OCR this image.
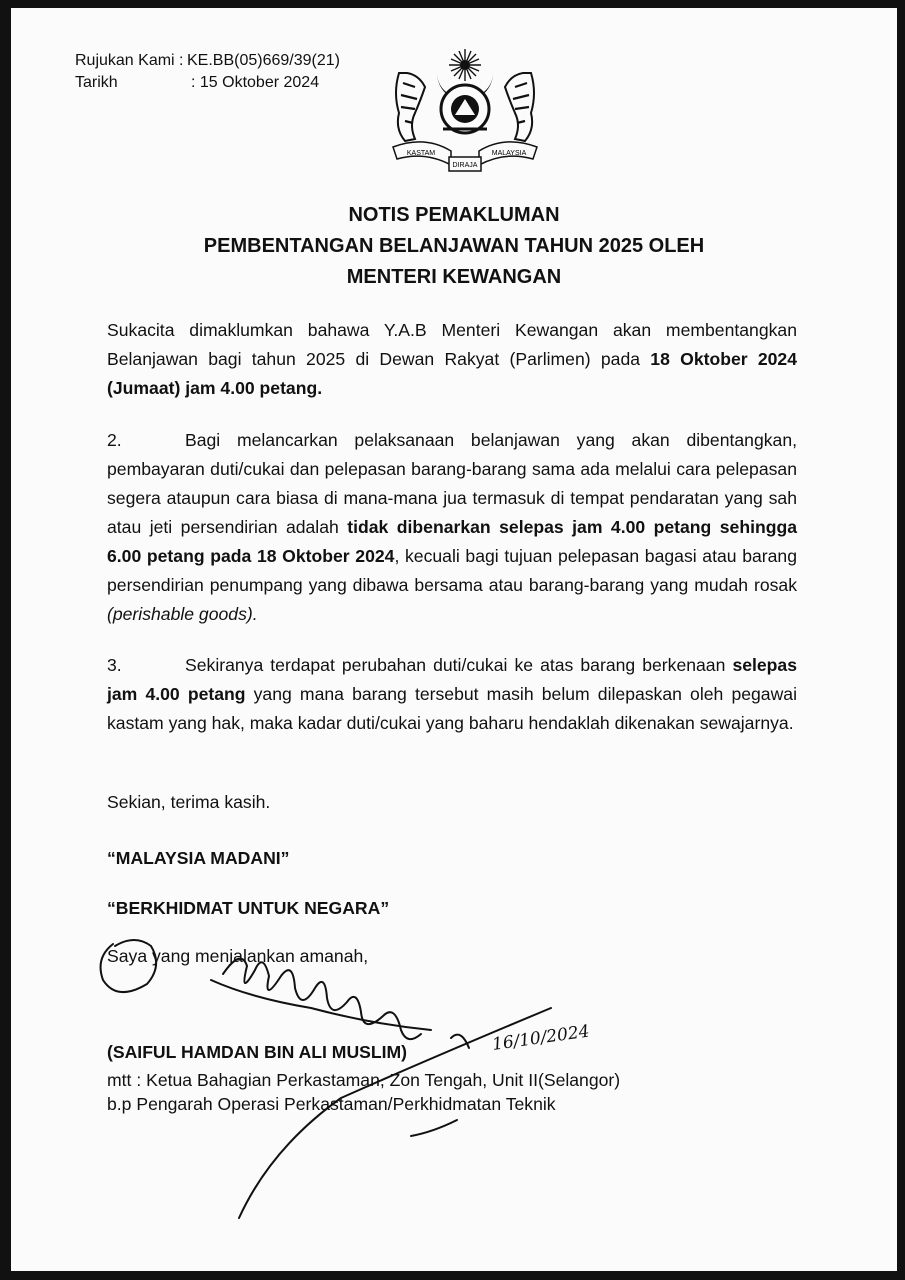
Rujukan Kami : KE.BB(05)669/39(21)
Tarikh	: 15 Oktober 2024
KASTAM	MALAYSIA
DIRAJA
NOTIS PEMAKLUMAN
PEMBENTANGAN BELANJAWAN TAHUN 2025 OLEH
MENTERI KEWANGAN
Sukacita dimaklumkan bahawa Y.A.B Menteri Kewangan akan membentangkan Belanjawan bagi tahun 2025 di Dewan Rakyat (Parlimen) pada 18 Oktober 2024 (Jumaat) jam 4.00 petang.
2.	Bagi melancarkan pelaksanaan belanjawan yang akan dibentangkan, pembayaran duti/cukai dan pelepasan barang-barang sama ada melalui cara pelepasan segera ataupun cara biasa di mana-mana jua termasuk di tempat pendaratan yang sah atau jeti persendirian adalah tidak dibenarkan selepas jam 4.00 petang sehingga 6.00 petang pada 18 Oktober 2024, kecuali bagi tujuan pelepasan bagasi atau barang persendirian penumpang yang dibawa bersama atau barang-barang yang mudah rosak (perishable goods).
3.	Sekiranya terdapat perubahan duti/cukai ke atas barang berkenaan selepas jam 4.00 petang yang mana barang tersebut masih belum dilepaskan oleh pegawai kastam yang hak, maka kadar duti/cukai yang baharu hendaklah dikenakan sewajarnya.
Sekian, terima kasih.
“MALAYSIA MADANI”
“BERKHIDMAT UNTUK NEGARA”
Saya yang menjalankan amanah,
(SAIFUL HAMDAN BIN ALI MUSLIM)
mtt : Ketua Bahagian Perkastaman, Zon Tengah, Unit II(Selangor)
b.p Pengarah Operasi Perkastaman/Perkhidmatan Teknik
16/10/2024
